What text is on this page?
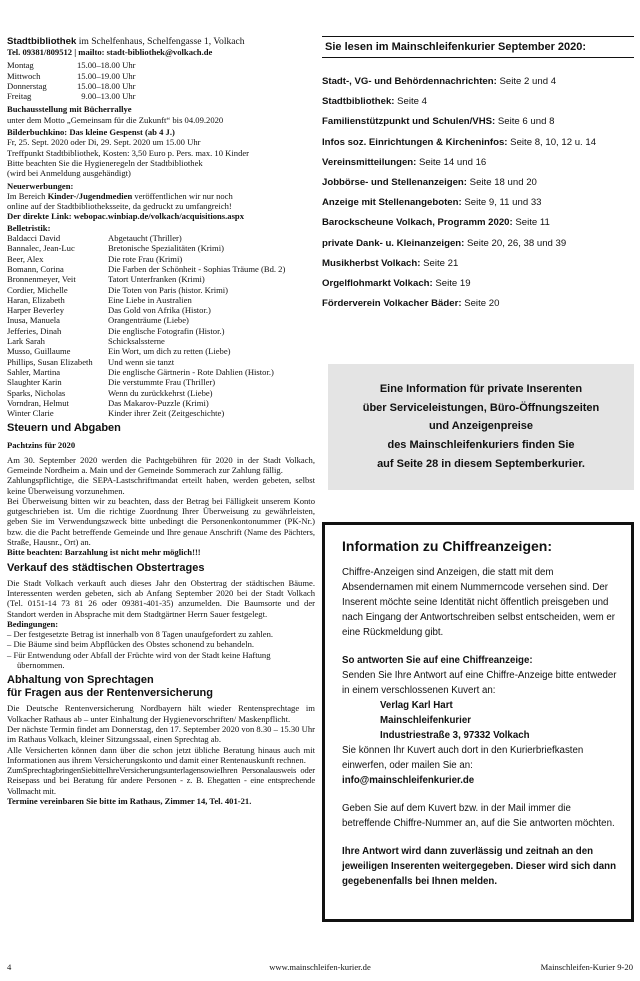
Stadtbibliothek im Schelfenhaus, Schelfengasse 1, Volkach

Tel. 09381/809512 | mailto: stadt-bibliothek@volkach.de

Montag	15.00–18.00 Uhr
Mittwoch	15.00–19.00 Uhr
Donnerstag	15.00–18.00 Uhr
Freitag	9.00–13.00 Uhr

Buchausstellung mit Bücherrallye

unter dem Motto „Gemeinsam für die Zukunft“ bis 04.09.2020

Bilderbuchkino: Das kleine Gespenst (ab 4 J.)

Fr, 25. Sept. 2020 oder Di, 29. Sept. 2020 um 15.00 Uhr

Treffpunkt Stadtbibliothek, Kosten: 3,50 Euro p. Pers. max. 10 Kinder

Bitte beachten Sie die Hygieneregeln der Stadtbibliothek

(wird bei Anmeldung ausgehändigt)

Neuerwerbungen:

Im Bereich Kinder-/Jugendmedien veröffentlichen wir nur noch

online auf der Stadtbibliotheksseite, da gedruckt zu umfangreich!

Der direkte Link: webopac.winbiap.de/volkach/acquisitions.aspx

Belletristik:

Baldacci David	Abgetaucht (Thriller)
Bannalec, Jean-Luc	Bretonische Spezialitäten (Krimi)
Beer, Alex	Die rote Frau (Krimi)
Bomann, Corina	Die Farben der Schönheit - Sophias Träume (Bd. 2)
Bronnenmeyer, Veit	Tatort Unterfranken (Krimi)
Cordier, Michelle	Die Toten von Paris (histor. Krimi)
Haran, Elizabeth	Eine Liebe in Australien
Harper Beverley	Das Gold von Afrika (Histor.)
Inusa, Manuela	Orangenträume (Liebe)
Jefferies, Dinah	Die englische Fotografin (Histor.)
Lark Sarah	Schicksalssterne
Musso, Guillaume	Ein Wort, um dich zu retten (Liebe)
Phillips, Susan Elizabeth	Und wenn sie tanzt
Sahler, Martina	Die englische Gärtnerin - Rote Dahlien (Histor.)
Slaughter Karin	Die verstummte Frau (Thriller)
Sparks, Nicholas	Wenn du zurückkehrst (Liebe)
Vorndran, Helmut	Das Makarov-Puzzle (Krimi)
Winter Clarie	Kinder ihrer Zeit (Zeitgeschichte)

Steuern und Abgaben

Pachtzins für 2020

Am 30. September 2020 werden die Pachtgebühren für 2020 in der Stadt Volkach, Gemeinde Nordheim a. Main und der Gemeinde Sommerach zur Zahlung fällig.

Zahlungspflichtige, die SEPA-Lastschriftmandat erteilt haben, werden gebeten, selbst keine Überweisung vorzunehmen.

Bei Überweisung bitten wir zu beachten, dass der Betrag bei Fälligkeit unserem Konto gutgeschrieben ist. Um die richtige Zuordnung Ihrer Überweisung zu gewährleisten, geben Sie im Verwendungszweck bitte unbedingt die Personenkontonummer (PK-Nr.) bzw. die die Pacht betreffende Gemeinde und Ihre genaue Anschrift (Name des Pächters, Straße, Hausnr., Ort) an.

Bitte beachten: Barzahlung ist nicht mehr möglich!!!

Verkauf des städtischen Obstertrages

Die Stadt Volkach verkauft auch dieses Jahr den Obstertrag der städtischen Bäume. Interessenten werden gebeten, sich ab Anfang September 2020 bei der Stadt Volkach (Tel. 0151-14 73 81 26 oder 09381-401-35) anzumelden. Die Baumsorte und der Standort werden in Absprache mit dem Stadtgärtner Herrn Sauer festgelegt.

Bedingungen:

– Der festgesetzte Betrag ist innerhalb von 8 Tagen unaufgefordert zu zahlen.
– Die Bäume sind beim Abpflücken des Obstes schonend zu behandeln.
– Für Entwendung oder Abfall der Früchte wird von der Stadt keine Haftung übernommen.

Abhaltung von Sprechtagen

für Fragen aus der Rentenversicherung

Die Deutsche Rentenversicherung Nordbayern hält wieder Rentensprechtage im Volkacher Rathaus ab – unter Einhaltung der Hygienevorschriften/ Maskenpflicht.

Der nächste Termin findet am Donnerstag, den 17. September 2020 von 8.30 – 15.30 Uhr im Rathaus Volkach, kleiner Sitzungssaal, einen Sprechtag ab.

Alle Versicherten können dann über die schon jetzt übliche Beratung hinaus auch mit Informationen aus ihrem Versicherungskonto und damit einer Rentenauskunft rechnen.

ZumSprechtagbringenSiebitteIhreVersicherungsunterlagensowieIhren Personalausweis oder Reisepass und bei Beratung für andere Personen - z. B. Ehegatten - eine entsprechende Vollmacht mit.

Termine vereinbaren Sie bitte im Rathaus, Zimmer 14, Tel. 401-21.

Sie lesen im Mainschleifenkurier September 2020:

Stadt-, VG- und Behördennachrichten: Seite 2 und 4

Stadtbibliothek: Seite 4

Familienstützpunkt und Schulen/VHS: Seite 6 und 8

Infos soz. Einrichtungen & Kircheninfos: Seite 8, 10, 12 u. 14

Vereinsmitteilungen: Seite 14 und 16

Jobbörse- und Stellenanzeigen: Seite 18 und 20

Anzeige mit Stellenangeboten: Seite 9, 11 und 33

Barockscheune Volkach, Programm 2020: Seite 11

private Dank- u. Kleinanzeigen: Seite 20, 26, 38 und 39

Musikherbst Volkach: Seite 21

Orgelflohmarkt Volkach: Seite 19

Förderverein Volkacher Bäder: Seite 20

Eine Information für private Inserenten
über Serviceleistungen, Büro-Öffnungszeiten
und Anzeigenpreise
des Mainschleifenkuriers finden Sie
auf Seite 28 in diesem Septemberkurier.
Information zu Chiffreanzeigen:

Chiffre-Anzeigen sind Anzeigen, die statt mit dem Absendernamen mit einem Nummerncode versehen sind. Der Inserent möchte seine Identität nicht öffentlich preisgeben und nach Eingang der Antwortschreiben selbst entscheiden, wem er eine Rückmeldung gibt.

So antworten Sie auf eine Chiffreanzeige:

Senden Sie Ihre Antwort auf eine Chiffre-Anzeige bitte entweder in einem verschlossenen Kuvert an:

Verlag Karl Hart
Mainschleifenkurier
Industriestraße 3, 97332 Volkach

Sie können Ihr Kuvert auch dort in den Kurierbriefkasten einwerfen, oder mailen Sie an:

info@mainschleifenkurier.de

Geben Sie auf dem Kuvert bzw. in der Mail immer die betreffende Chiffre-Nummer an, auf die Sie antworten möchten.

Ihre Antwort wird dann zuverlässig und zeitnah an den jeweiligen Inserenten weitergegeben. Dieser wird sich dann gegebenenfalls bei Ihnen melden.

4	www.mainschleifen-kurier.de	Mainschleifen-Kurier 9-20
